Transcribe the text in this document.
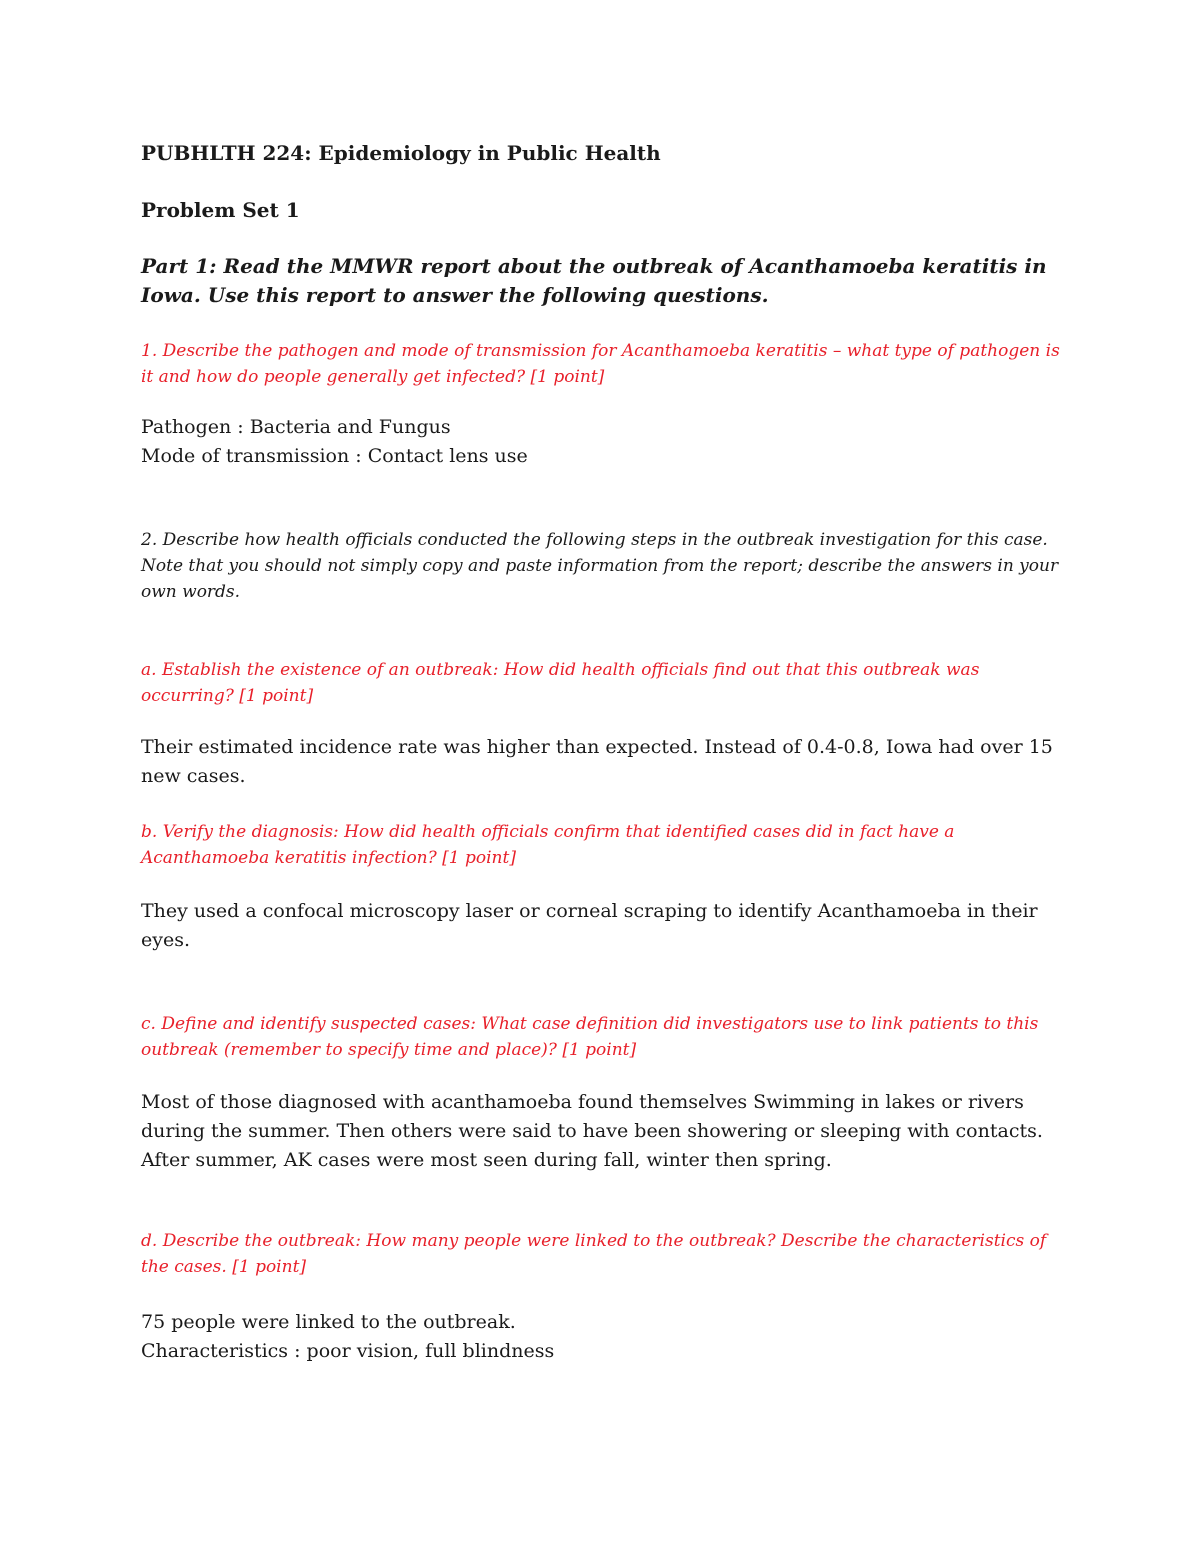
PUBHLTH 224: Epidemiology in Public Health

Problem Set 1

Part 1: Read the MMWR report about the outbreak of Acanthamoeba keratitis in Iowa. Use this report to answer the following questions.

1. Describe the pathogen and mode of transmission for Acanthamoeba keratitis – what type of pathogen is it and how do people generally get infected? [1 point]

Pathogen : Bacteria and Fungus
Mode of transmission : Contact lens use

2. Describe how health officials conducted the following steps in the outbreak investigation for this case. Note that you should not simply copy and paste information from the report; describe the answers in your own words.

a. Establish the existence of an outbreak: How did health officials find out that this outbreak was occurring? [1 point]

Their estimated incidence rate was higher than expected. Instead of 0.4-0.8, Iowa had over 15 new cases.

b. Verify the diagnosis: How did health officials confirm that identified cases did in fact have a Acanthamoeba keratitis infection? [1 point]

They used a confocal microscopy laser or corneal scraping to identify Acanthamoeba in their eyes.

c. Define and identify suspected cases: What case definition did investigators use to link patients to this outbreak (remember to specify time and place)? [1 point]

Most of those diagnosed with acanthamoeba found themselves Swimming in lakes or rivers during the summer. Then others were said to have been showering or sleeping with contacts. After summer, AK cases were most seen during fall, winter then spring.

d. Describe the outbreak: How many people were linked to the outbreak? Describe the characteristics of the cases. [1 point]

75 people were linked to the outbreak.
Characteristics : poor vision, full blindness
